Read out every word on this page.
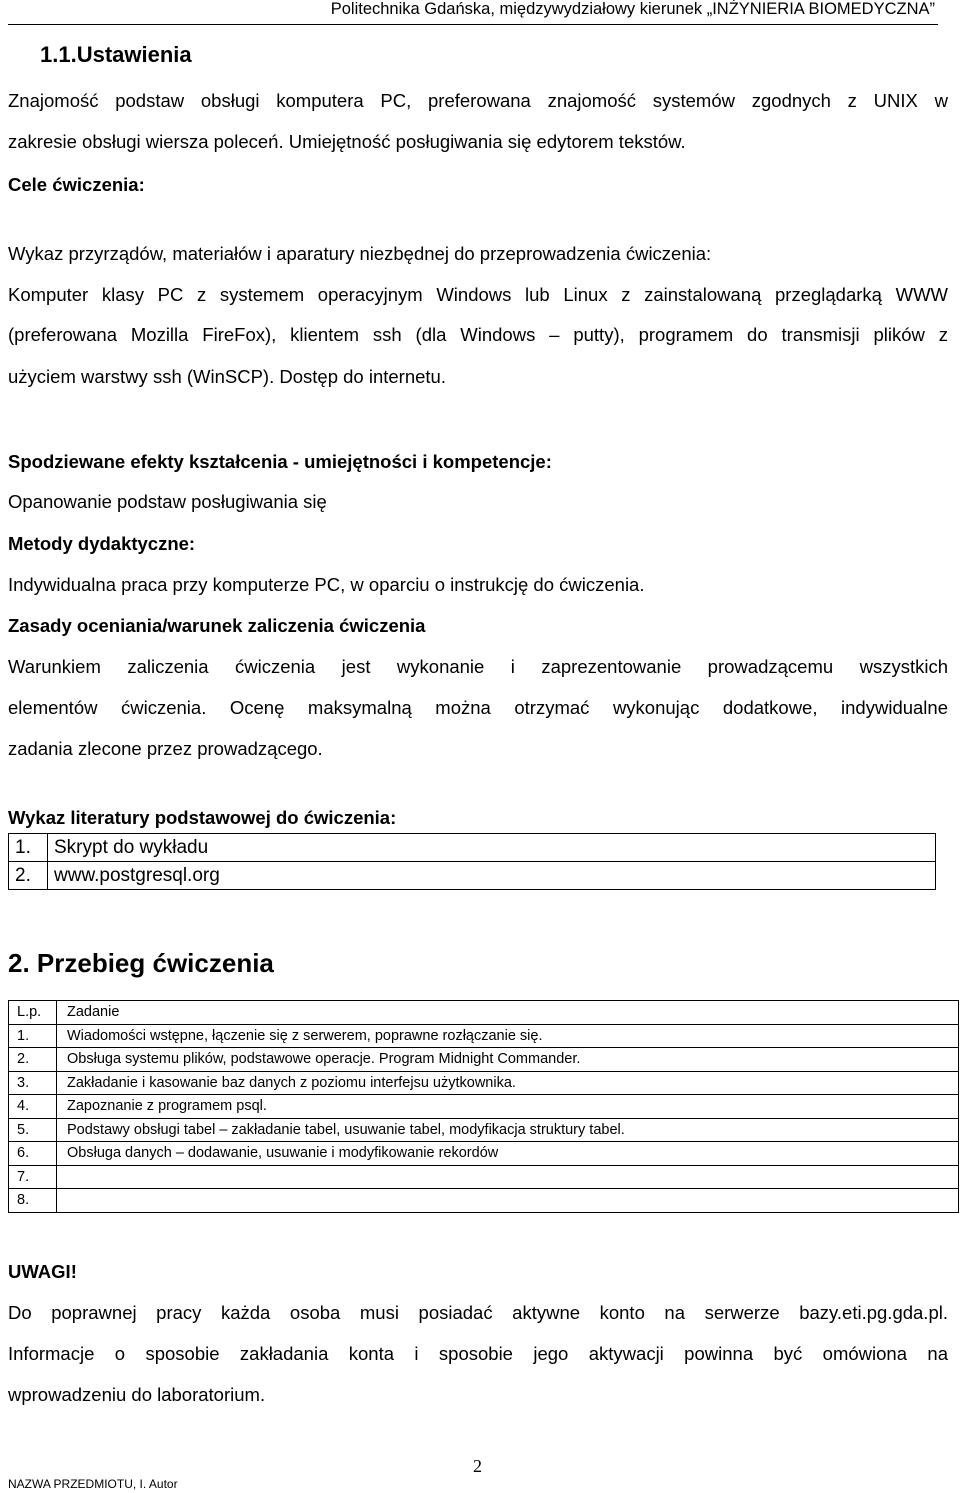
Politechnika Gdańska, międzywydziałowy kierunek „INŻYNIERIA BIOMEDYCZNA”
1.1.Ustawienia
Znajomość podstaw obsługi komputera PC, preferowana znajomość systemów zgodnych z UNIX w
zakresie obsługi wiersza poleceń. Umiejętność posługiwania się edytorem tekstów.
Cele ćwiczenia:
Wykaz przyrządów, materiałów i aparatury niezbędnej do przeprowadzenia ćwiczenia:
Komputer klasy PC z systemem operacyjnym Windows lub Linux z zainstalowaną przeglądarką WWW
(preferowana Mozilla FireFox), klientem ssh (dla Windows – putty), programem do transmisji plików z
użyciem warstwy ssh (WinSCP). Dostęp do internetu.
Spodziewane efekty kształcenia - umiejętności i kompetencje:
Opanowanie podstaw posługiwania się
Metody dydaktyczne:
Indywidualna praca przy komputerze PC, w oparciu o instrukcję do ćwiczenia.
Zasady oceniania/warunek zaliczenia ćwiczenia
Warunkiem zaliczenia ćwiczenia jest wykonanie i zaprezentowanie prowadzącemu wszystkich
elementów ćwiczenia. Ocenę maksymalną można otrzymać wykonując dodatkowe, indywidualne
zadania zlecone przez prowadzącego.
Wykaz literatury podstawowej do ćwiczenia:
1.	Skrypt do wykładu
2.	www.postgresql.org
2. Przebieg ćwiczenia
L.p.	Zadanie
1.	Wiadomości wstępne, łączenie się z serwerem, poprawne rozłączanie się.
2.	Obsługa systemu plików, podstawowe operacje. Program Midnight Commander.
3.	Zakładanie i kasowanie baz danych z poziomu interfejsu użytkownika.
4.	Zapoznanie z programem psql.
5.	Podstawy obsługi tabel – zakładanie tabel, usuwanie tabel, modyfikacja struktury tabel.
6.	Obsługa danych – dodawanie, usuwanie i modyfikowanie rekordów
7.	
8.	
UWAGI!
Do poprawnej pracy każda osoba musi posiadać aktywne konto na serwerze bazy.eti.pg.gda.pl.
Informacje o sposobie zakładania konta i sposobie jego aktywacji powinna być omówiona na
wprowadzeniu do laboratorium.
2
NAZWA PRZEDMIOTU, I. Autor
